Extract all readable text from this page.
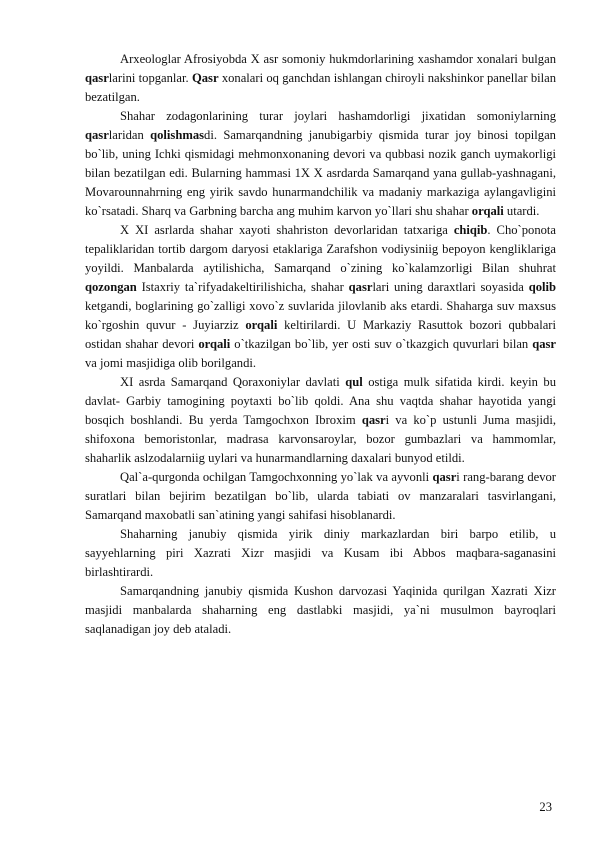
Arxeologlar Afrosiyobda X asr somoniy hukmdorlarining xashamdor xonalari bulgan qasrlarini topganlar. Qasr xonalari oq ganchdan ishlangan chiroyli nakshinkor panellar bilan bezatilgan.

Shahar zodagonlarining turar joylari hashamdorligi jixatidan somoniylarning qasrlaridan qolishmasdi. Samarqandning janubigarbiy qismida turar joy binosi topilgan bo`lib, uning Ichki qismidagi mehmonxonaning devori va qubbasi nozik ganch uymakorligi bilan bezatilgan edi. Bularning hammasi 1X X asrdarda Samarqand yana gullab-yashnagani, Movarounnahrning eng yirik savdo hunarmandchilik va madaniy markaziga aylangavligini ko`rsatadi. Sharq va Garbning barcha ang muhim karvon yo`llari shu shahar orqali utardi.

X XI asrlarda shahar xayoti shahriston devorlaridan tatxariga chiqib. Cho`ponota tepaliklaridan tortib dargom daryosi etaklariga Zarafshon vodiysiniig bepoyon kengliklariga yoyildi. Manbalarda aytilishicha, Samarqand o`zining ko`kalamzorligi Bilan shuhrat qozongan Istaxriy ta`rifyadakeltirilishicha, shahar qasrlari uning daraxtlari soyasida qolib ketgandi, boglarining go`zalligi xovo`z suvlarida jilovlanib aks etardi. Shaharga suv maxsus ko`rgoshin quvur - Juyiarziz orqali keltirilardi. U Markaziy Rasuttok bozori qubbalari ostidan shahar devori orqali o`tkazilgan bo`lib, yer osti suv o`tkazgich quvurlari bilan qasr va jomi masjidiga olib borilgandi.

XI asrda Samarqand Qoraxoniylar davlati qul ostiga mulk sifatida kirdi. keyin bu davlat- Garbiy tamogining poytaxti bo`lib qoldi. Ana shu vaqtda shahar hayotida yangi bosqich boshlandi. Bu yerda Tamgochxon Ibroxim qasri va ko`p ustunli Juma masjidi, shifoxona bemoristonlar, madrasa karvonsaroylar, bozor gumbazlari va hammomlar, shaharlik aslzodalarniig uylari va hunarmandlarning daxalari bunyod etildi.

Qal`a-qurgonda ochilgan Tamgochxonning yo`lak va ayvonli qasri rang-barang devor suratlari bilan bejirim bezatilgan bo`lib, ularda tabiati ov manzaralari tasvirlangani, Samarqand maxobatli san`atining yangi sahifasi hisoblanardi.

Shaharning janubiy qismida yirik diniy markazlardan biri barpo etilib, u sayyehlarning piri Xazrati Xizr masjidi va Kusam ibi Abbos maqbara-saganasini birlashtirardi.

Samarqandning janubiy qismida Kushon darvozasi Yaqinida qurilgan Xazrati Xizr masjidi manbalarda shaharning eng dastlabki masjidi, ya`ni musulmon bayroqlari saqlanadigan joy deb ataladi.

23
